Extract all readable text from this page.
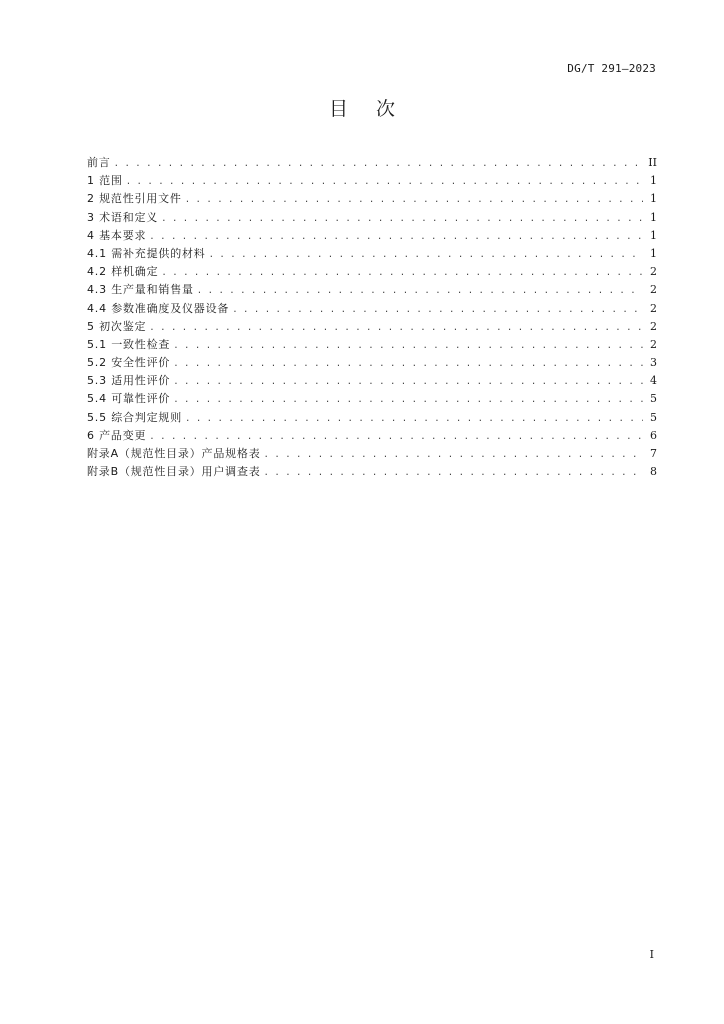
DG/T 291—2023
目次
前言 . . .	II
1 范围 . . .	1
2 规范性引用文件 . . .	1
3 术语和定义 . . .	1
4 基本要求 . . .	1
4.1 需补充提供的材料 . . .	1
4.2 样机确定 . . .	2
4.3 生产量和销售量 . . .	2
4.4 参数准确度及仪器设备 . . .	2
5 初次鉴定 . . .	2
5.1 一致性检查 . . .	2
5.2 安全性评价 . . .	3
5.3 适用性评价 . . .	4
5.4 可靠性评价 . . .	5
5.5 综合判定规则 . . .	5
6 产品变更 . . .	6
附录A（规范性目录）产品规格表 . . .	7
附录B（规范性目录）用户调查表 . . .	8
I
